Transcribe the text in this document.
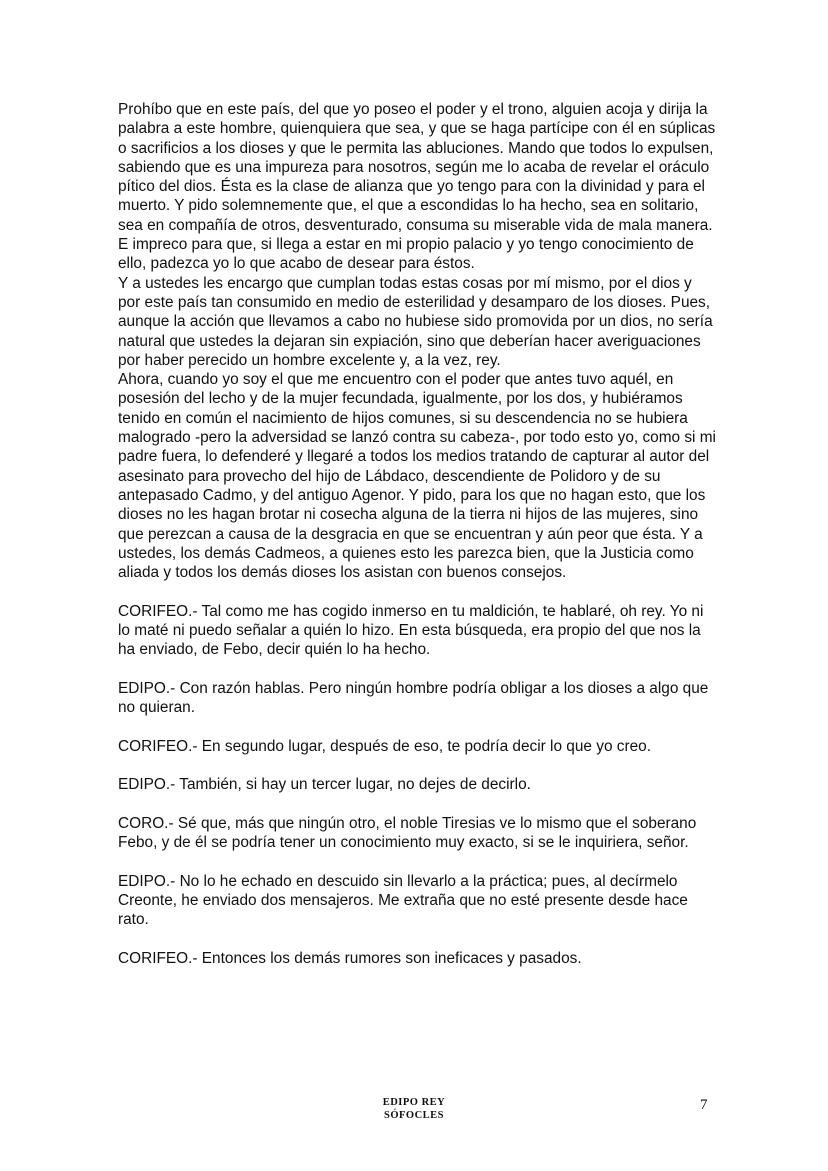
Prohíbo que en este país, del que yo poseo el poder y el trono, alguien acoja y dirija la palabra a este hombre, quienquiera que sea, y que se haga partícipe con él en súplicas o sacrificios a los dioses y que le permita las abluciones. Mando que todos lo expulsen, sabiendo que es una impureza para nosotros, según me lo acaba de revelar el oráculo pítico del dios. Ésta es la clase de alianza que yo tengo para con la divinidad y para el muerto. Y pido solemnemente que, el que a escondidas lo ha hecho, sea en solitario, sea en compañía de otros, desventurado, consuma su miserable vida de mala manera. E impreco para que, si llega a estar en mi propio palacio y yo tengo conocimiento de ello, padezca yo lo que acabo de desear para éstos.

Y a ustedes les encargo que cumplan todas estas cosas por mí mismo, por el dios y por este país tan consumido en medio de esterilidad y desamparo de los dioses. Pues, aunque la acción que llevamos a cabo no hubiese sido promovida por un dios, no sería natural que ustedes la dejaran sin expiación, sino que deberían hacer averiguaciones por haber perecido un hombre excelente y, a la vez, rey.

Ahora, cuando yo soy el que me encuentro con el poder que antes tuvo aquél, en posesión del lecho y de la mujer fecundada, igualmente, por los dos, y hubiéramos tenido en común el nacimiento de hijos comunes, si su descendencia no se hubiera malogrado -pero la adversidad se lanzó contra su cabeza-, por todo esto yo, como si mi padre fuera, lo defenderé y llegaré a todos los medios tratando de capturar al autor del asesinato para provecho del hijo de Lábdaco, descendiente de Polidoro y de su antepasado Cadmo, y del antiguo Agenor. Y pido, para los que no hagan esto, que los dioses no les hagan brotar ni cosecha alguna de la tierra ni hijos de las mujeres, sino que perezcan a causa de la desgracia en que se encuentran y aún peor que ésta. Y a ustedes, los demás Cadmeos, a quienes esto les parezca bien, que la Justicia como aliada y todos los demás dioses los asistan con buenos consejos.

CORIFEO.- Tal como me has cogido inmerso en tu maldición, te hablaré, oh rey. Yo ni lo maté ni puedo señalar a quién lo hizo. En esta búsqueda, era propio del que nos la ha enviado, de Febo, decir quién lo ha hecho.

EDIPO.- Con razón hablas. Pero ningún hombre podría obligar a los dioses a algo que no quieran.

CORIFEO.- En segundo lugar, después de eso, te podría decir lo que yo creo.

EDIPO.- También, si hay un tercer lugar, no dejes de decirlo.

CORO.- Sé que, más que ningún otro, el noble Tiresias ve lo mismo que el soberano Febo, y de él se podría tener un conocimiento muy exacto, si se le inquiriera, señor.

EDIPO.- No lo he echado en descuido sin llevarlo a la práctica; pues, al decírmelo Creonte, he enviado dos mensajeros. Me extraña que no esté presente desde hace rato.

CORIFEO.- Entonces los demás rumores son ineficaces y pasados.

EDIPO REY
SÓFOCLES
7
